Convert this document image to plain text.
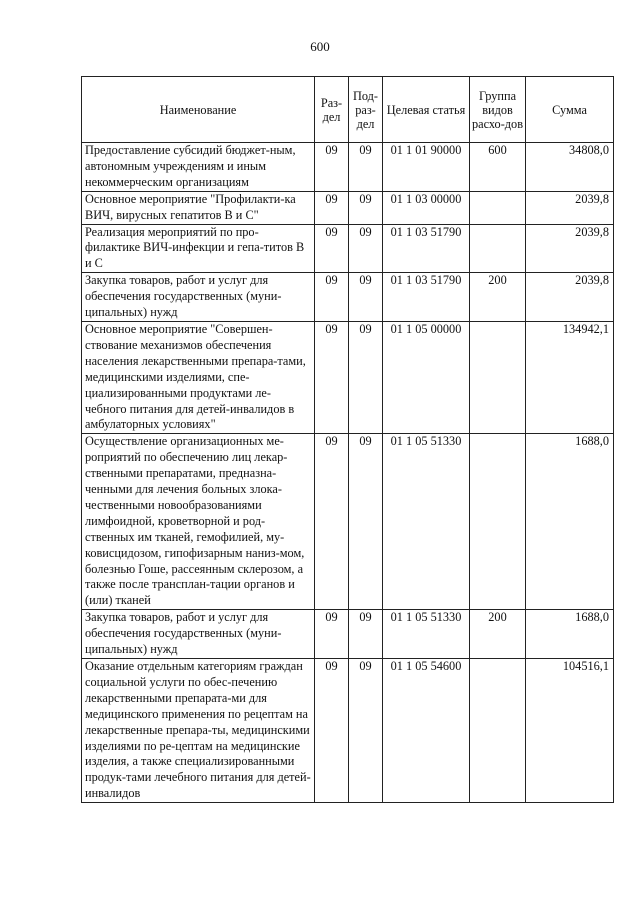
600
Наименование	Раз-дел	Под-раз-дел	Целевая статья	Группа видов расхо-дов	Сумма
Предоставление субсидий бюджет-ным, автономным учреждениям и иным некоммерческим организациям	09	09	01 1 01 90000	600	34808,0
Основное мероприятие "Профилакти-ка ВИЧ, вирусных гепатитов В и С"	09	09	01 1 03 00000		2039,8
Реализация мероприятий по про-филактике ВИЧ-инфекции и гепа-титов В и С	09	09	01 1 03 51790		2039,8
Закупка товаров, работ и услуг для обеспечения государственных (муни-ципальных) нужд	09	09	01 1 03 51790	200	2039,8
Основное мероприятие "Совершен-ствование механизмов обеспечения населения лекарственными препара-тами, медицинскими изделиями, спе-циализированными продуктами ле-чебного питания для детей-инвалидов в амбулаторных условиях"	09	09	01 1 05 00000		134942,1
Осуществление организационных ме-роприятий по обеспечению лиц лекар-ственными препаратами, предназна-ченными для лечения больных злока-чественными новообразованиями лимфоидной, кроветворной и род-ственных им тканей, гемофилией, му-ковисцидозом, гипофизарным наниз-мом, болезнью Гоше, рассеянным склерозом, а также после трансплан-тации органов и (или) тканей	09	09	01 1 05 51330		1688,0
Закупка товаров, работ и услуг для обеспечения государственных (муни-ципальных) нужд	09	09	01 1 05 51330	200	1688,0
Оказание отдельным категориям граждан социальной услуги по обес-печению лекарственными препарата-ми для медицинского применения по рецептам на лекарственные препара-ты, медицинскими изделиями по ре-цептам на медицинские изделия, а также специализированными продук-тами лечебного питания для детей-инвалидов	09	09	01 1 05 54600		104516,1
